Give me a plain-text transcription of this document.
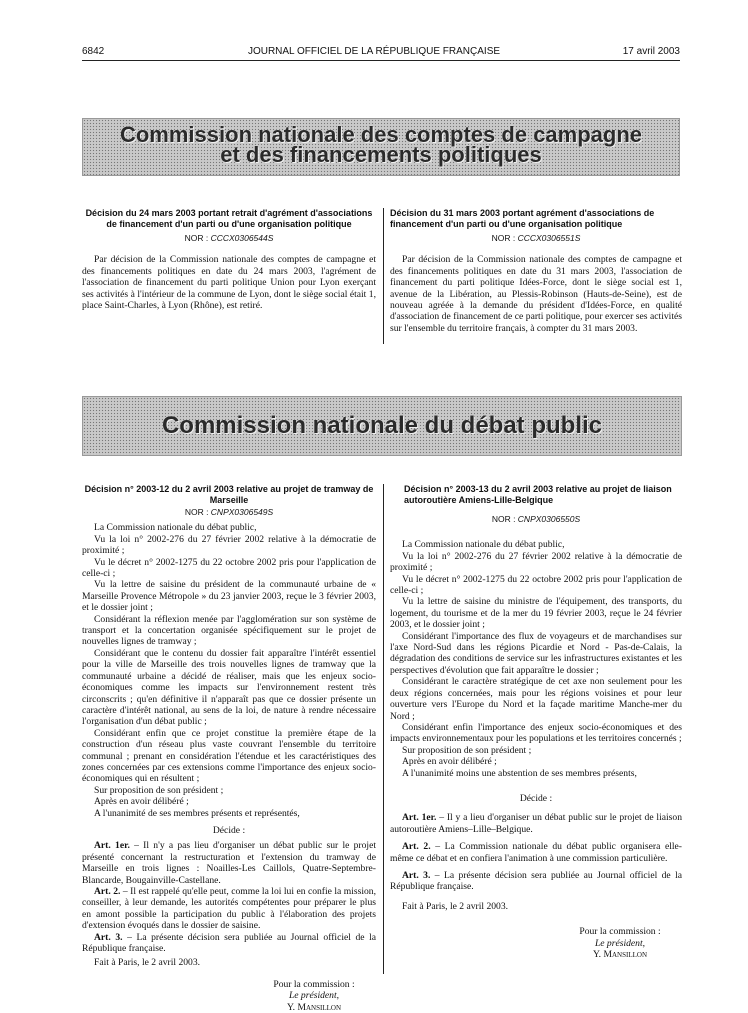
6842	JOURNAL OFFICIEL DE LA RÉPUBLIQUE FRANÇAISE	17 avril 2003
Commission nationale des comptes de campagne
et des financements politiques
Décision du 24 mars 2003 portant retrait d'agrément d'associations de financement d'un parti ou d'une organisation politique
NOR : CCCX0306544S

Par décision de la Commission nationale des comptes de campagne et des financements politiques en date du 24 mars 2003, l'agrément de l'association de financement du parti politique Union pour Lyon exerçant ses activités à l'intérieur de la commune de Lyon, dont le siège social était 1, place Saint-Charles, à Lyon (Rhône), est retiré.

Décision du 31 mars 2003 portant agrément d'associations de financement d'un parti ou d'une organisation politique
NOR : CCCX0306551S

Par décision de la Commission nationale des comptes de campagne et des financements politiques en date du 31 mars 2003, l'association de financement du parti politique Idées-Force, dont le siège social est 1, avenue de la Libération, au Plessis-Robinson (Hauts-de-Seine), est de nouveau agréée à la demande du président d'Idées-Force, en qualité d'association de financement de ce parti politique, pour exercer ses activités sur l'ensemble du territoire français, à compter du 31 mars 2003.

Commission nationale du débat public
Décision n° 2003-12 du 2 avril 2003 relative au projet de tramway de Marseille
NOR : CNPX0306549S

La Commission nationale du débat public,

Vu la loi n° 2002-276 du 27 février 2002 relative à la démocratie de proximité ;

Vu le décret n° 2002-1275 du 22 octobre 2002 pris pour l'application de celle-ci ;

Vu la lettre de saisine du président de la communauté urbaine de « Marseille Provence Métropole » du 23 janvier 2003, reçue le 3 février 2003, et le dossier joint ;

Considérant la réflexion menée par l'agglomération sur son système de transport et la concertation organisée spécifiquement sur le projet de nouvelles lignes de tramway ;

Considérant que le contenu du dossier fait apparaître l'intérêt essentiel pour la ville de Marseille des trois nouvelles lignes de tramway que la communauté urbaine a décidé de réaliser, mais que les enjeux socio-économiques comme les impacts sur l'environnement restent très circonscrits ; qu'en définitive il n'apparaît pas que ce dossier présente un caractère d'intérêt national, au sens de la loi, de nature à rendre nécessaire l'organisation d'un débat public ;

Considérant enfin que ce projet constitue la première étape de la construction d'un réseau plus vaste couvrant l'ensemble du territoire communal ; prenant en considération l'étendue et les caractéristiques des zones concernées par ces extensions comme l'importance des enjeux socio-économiques qui en résultent ;

Sur proposition de son président ;

Après en avoir délibéré ;

A l'unanimité de ses membres présents et représentés,

Décide :

Art. 1er. – Il n'y a pas lieu d'organiser un débat public sur le projet présenté concernant la restructuration et l'extension du tramway de Marseille en trois lignes : Noailles-Les Caillols, Quatre-Septembre-Blancarde, Bougainville-Castellane.

Art. 2. – Il est rappelé qu'elle peut, comme la loi lui en confie la mission, conseiller, à leur demande, les autorités compétentes pour préparer le plus en amont possible la participation du public à l'élaboration des projets d'extension évoqués dans le dossier de saisine.

Art. 3. – La présente décision sera publiée au Journal officiel de la République française.

Fait à Paris, le 2 avril 2003.

Pour la commission :
Le président,
Y. Mansillon
Décision n° 2003-13 du 2 avril 2003 relative au projet de liaison autoroutière Amiens-Lille-Belgique
NOR : CNPX0306550S

La Commission nationale du débat public,

Vu la loi n° 2002-276 du 27 février 2002 relative à la démocratie de proximité ;

Vu le décret n° 2002-1275 du 22 octobre 2002 pris pour l'application de celle-ci ;

Vu la lettre de saisine du ministre de l'équipement, des transports, du logement, du tourisme et de la mer du 19 février 2003, reçue le 24 février 2003, et le dossier joint ;

Considérant l'importance des flux de voyageurs et de marchandises sur l'axe Nord-Sud dans les régions Picardie et Nord - Pas-de-Calais, la dégradation des conditions de service sur les infrastructures existantes et les perspectives d'évolution que fait apparaître le dossier ;

Considérant le caractère stratégique de cet axe non seulement pour les deux régions concernées, mais pour les régions voisines et pour leur ouverture vers l'Europe du Nord et la façade maritime Manche-mer du Nord ;

Considérant enfin l'importance des enjeux socio-économiques et des impacts environnementaux pour les populations et les territoires concernés ;

Sur proposition de son président ;

Après en avoir délibéré ;

A l'unanimité moins une abstention de ses membres présents,

Décide :

Art. 1er. – Il y a lieu d'organiser un débat public sur le projet de liaison autoroutière Amiens–Lille–Belgique.

Art. 2. – La Commission nationale du débat public organisera elle-même ce débat et en confiera l'animation à une commission particulière.

Art. 3. – La présente décision sera publiée au Journal officiel de la République française.

Fait à Paris, le 2 avril 2003.

Pour la commission :
Le président,
Y. Mansillon
